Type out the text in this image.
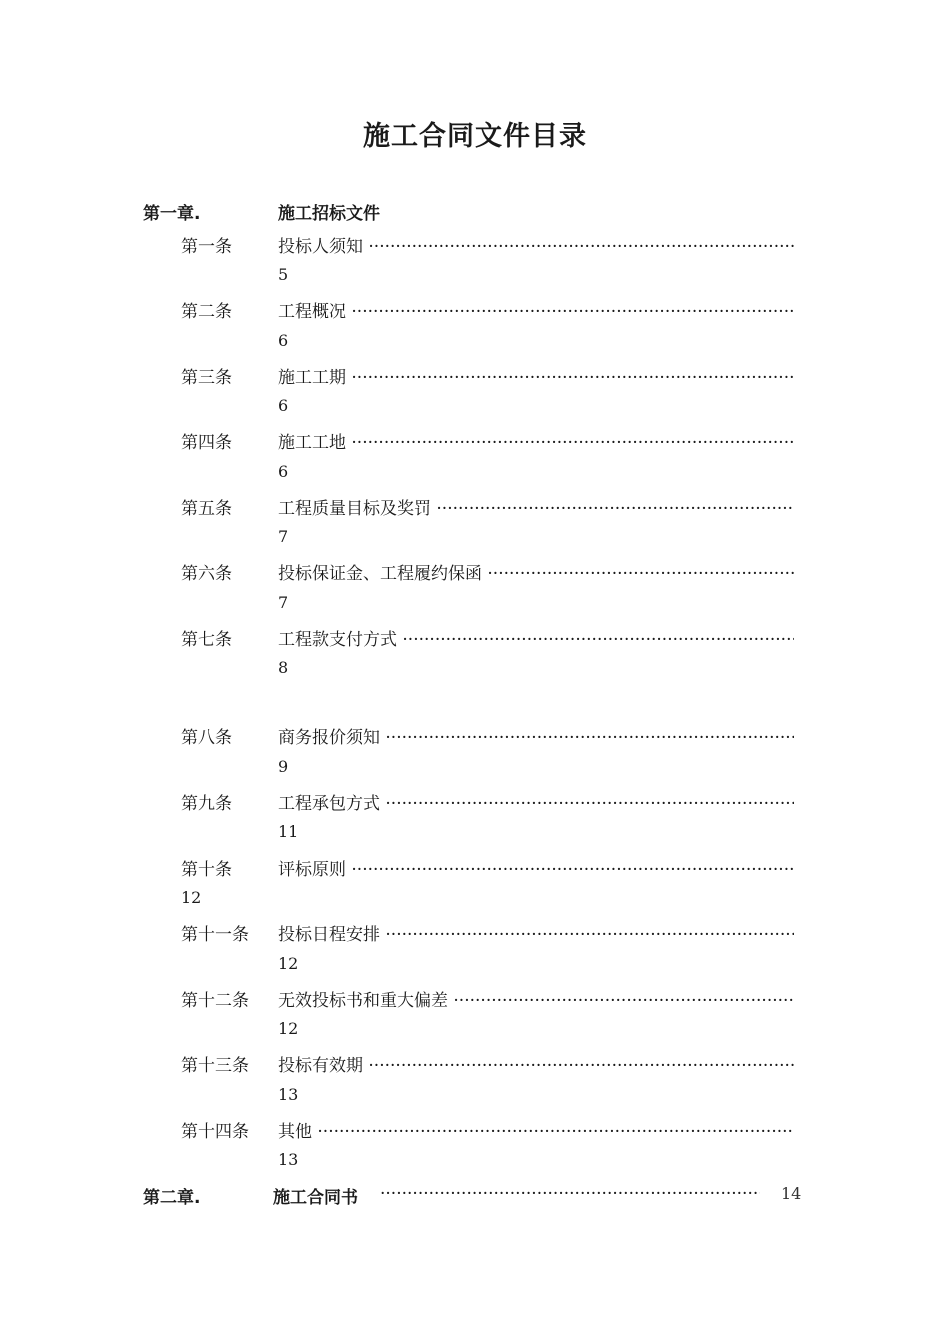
施工合同文件目录
第一章.	施工招标文件
第一条	投标人须知 ·····
5
第二条	工程概况 ·····
6
第三条	施工工期 ·····
6
第四条	施工工地 ·····
6
第五条	工程质量目标及奖罚 ·····
7
第六条	投标保证金、工程履约保函 ·····
7
第七条	工程款支付方式 ·····
8
第八条	商务报价须知 ·····
9
第九条	工程承包方式 ·····
11
第十条	评标原则 ·····
12
第十一条 投标日程安排 ·····
12
第十二条 无效投标书和重大偏差 ·····
12
第十三条 投标有效期 ·····
13
第十四条 其他 ·····
13
第二章.	施工合同书
·····	14
